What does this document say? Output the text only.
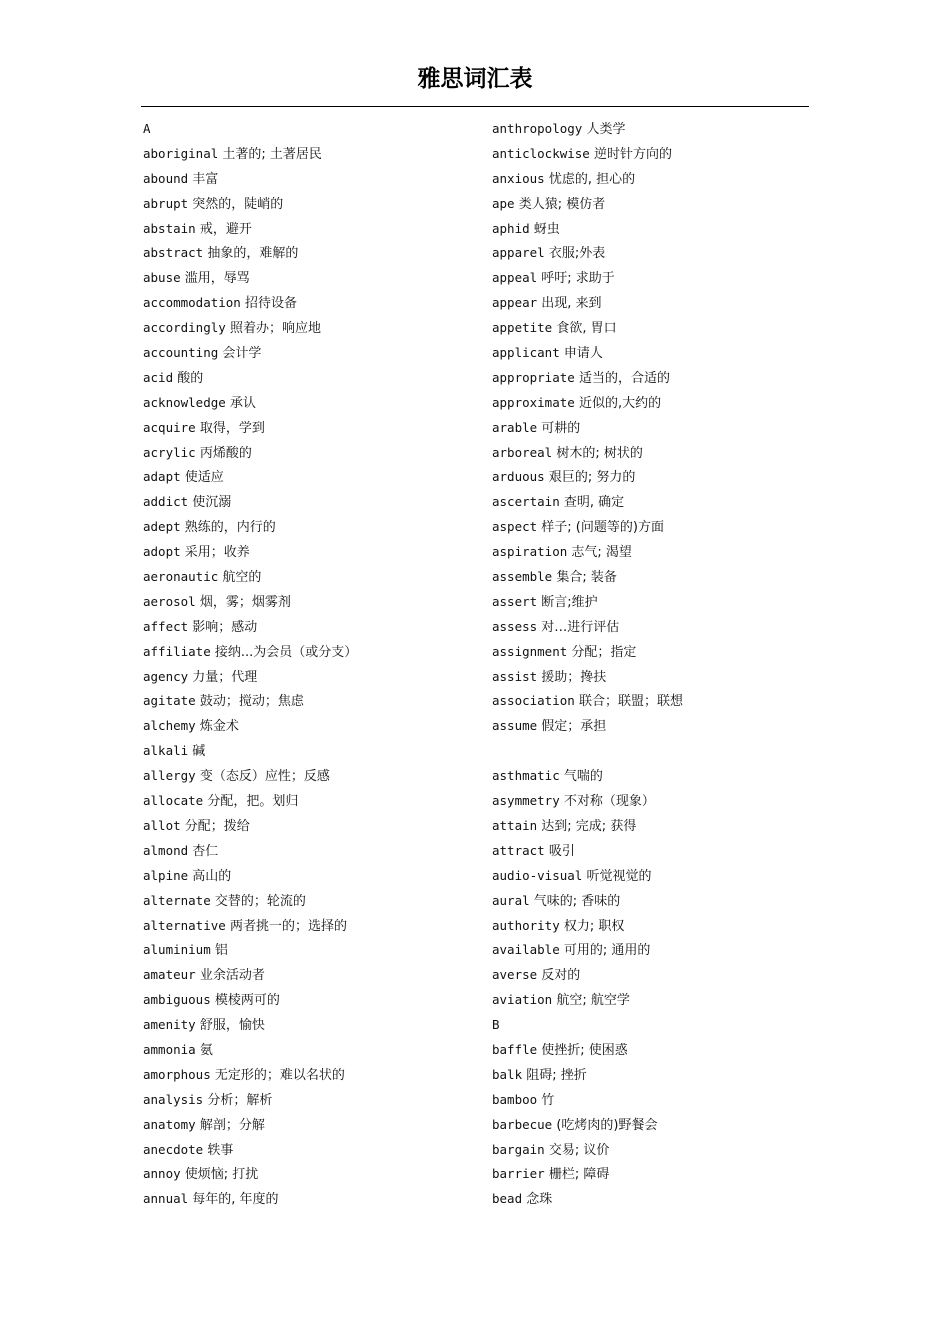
雅思词汇表
A
aboriginal 土著的; 土著居民
abound 丰富
abrupt 突然的，陡峭的
abstain 戒，避开
abstract 抽象的，难解的
abuse 滥用，辱骂
accommodation 招待设备
accordingly 照着办；响应地
accounting 会计学
acid 酸的
acknowledge 承认
acquire 取得，学到
acrylic 丙烯酸的
adapt 使适应
addict 使沉溺
adept 熟练的，内行的
adopt 采用；收养
aeronautic 航空的
aerosol 烟，雾；烟雾剂
affect 影响；感动
affiliate 接纳...为会员（或分支）
agency 力量；代理
agitate 鼓动；搅动；焦虑
alchemy 炼金术
alkali 碱
allergy 变（态反）应性；反感
allocate 分配，把。划归
allot 分配；拨给
almond 杏仁
alpine 高山的
alternate 交替的；轮流的
alternative 两者挑一的；选择的
aluminium 铝
amateur 业余活动者
ambiguous 模棱两可的
amenity 舒服，愉快
ammonia 氨
amorphous 无定形的；难以名状的
analysis 分析；解析
anatomy 解剖；分解
anecdote 轶事
annoy 使烦恼; 打扰
annual 每年的, 年度的
anthropology 人类学
anticlockwise 逆时针方向的
anxious 忧虑的, 担心的
ape 类人猿; 模仿者
aphid 蚜虫
apparel 衣服;外表
appeal 呼吁; 求助于
appear 出现, 来到
appetite 食欲, 胃口
applicant 申请人
appropriate 适当的，合适的
approximate 近似的,大约的
arable 可耕的
arboreal 树木的; 树状的
arduous 艰巨的; 努力的
ascertain 查明, 确定
aspect 样子; (问题等的)方面
aspiration 志气; 渴望
assemble 集合; 装备
assert 断言;维护
assess 对…进行评估
assignment 分配；指定
assist 援助；搀扶
association 联合；联盟；联想
assume 假定；承担
asthmatic 气喘的
asymmetry 不对称（现象）
attain 达到; 完成; 获得
attract 吸引
audio-visual 听觉视觉的
aural 气味的; 香味的
authority 权力; 职权
available 可用的; 通用的
averse 反对的
aviation 航空; 航空学
B
baffle 使挫折; 使困惑
balk 阻碍; 挫折
bamboo 竹
barbecue (吃烤肉的)野餐会
bargain 交易; 议价
barrier 栅栏; 障碍
bead 念珠
